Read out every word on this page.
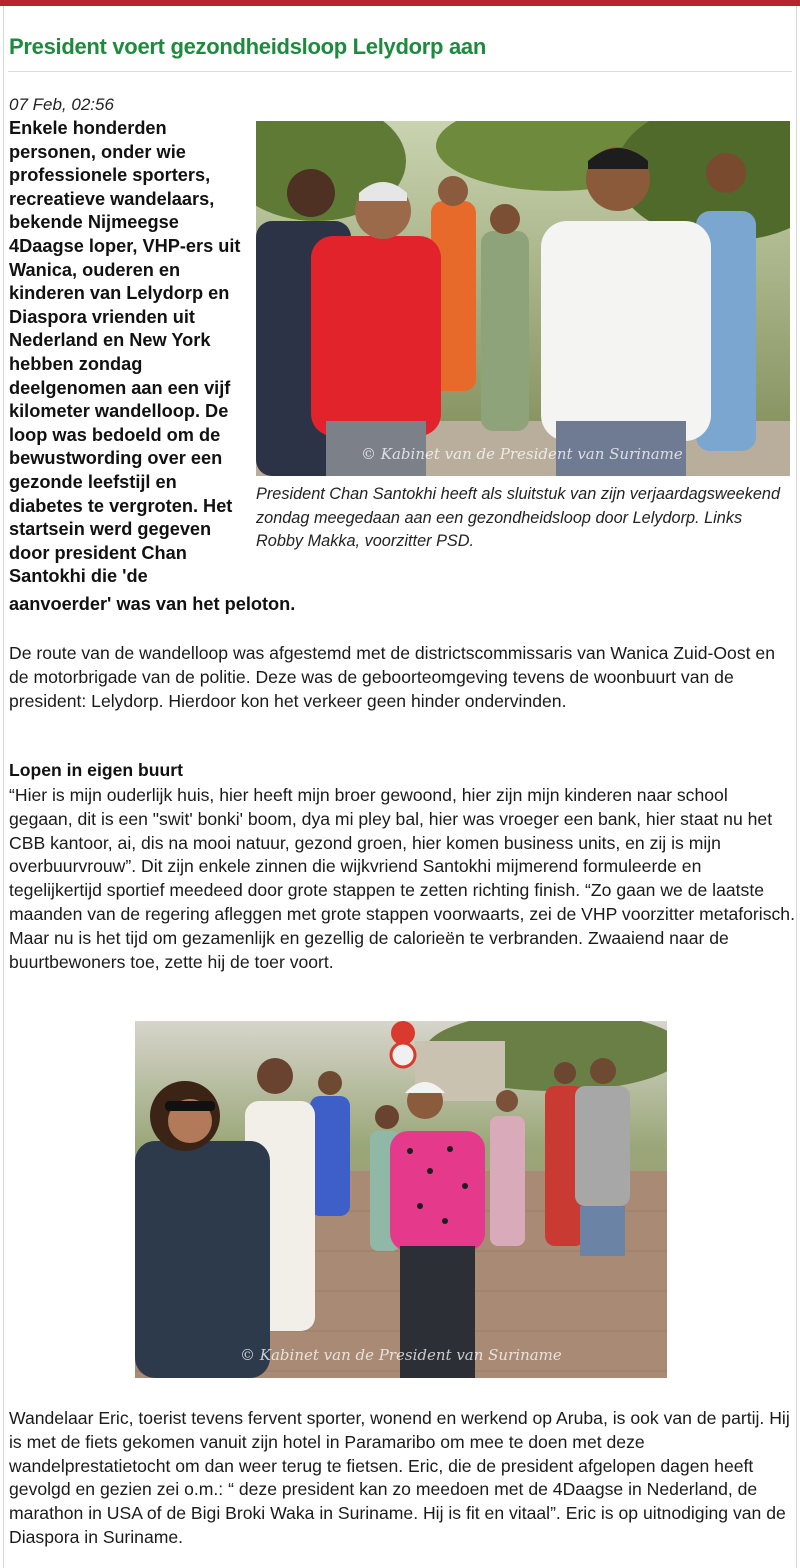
President voert gezondheidsloop Lelydorp aan
07 Feb, 02:56

Enkele honderden personen, onder wie professionele sporters, recreatieve wandelaars, bekende Nijmeegse 4Daagse loper, VHP-ers uit Wanica, ouderen en kinderen van Lelydorp en Diaspora vrienden uit Nederland en New York hebben zondag deelgenomen aan een vijf kilometer wandelloop. De loop was bedoeld om de bewustwording over een gezonde leefstijl en diabetes te vergroten. Het startsein werd gegeven door president Chan Santokhi die 'de

aanvoerder' was van het peloton.

© Kabinet van de President van Suriname

President Chan Santokhi heeft als sluitstuk van zijn verjaardagsweekend zondag meegedaan aan een gezondheidsloop door Lelydorp. Links Robby Makka, voorzitter PSD.

De route van de wandelloop was afgestemd met de districtscommissaris van Wanica Zuid-Oost en de motorbrigade van de politie. Deze was de geboorteomgeving tevens de woonbuurt van de president: Lelydorp. Hierdoor kon het verkeer geen hinder ondervinden.

Lopen in eigen buurt

“Hier is mijn ouderlijk huis, hier heeft mijn broer gewoond, hier zijn mijn kinderen naar school gegaan, dit is een "swit' bonki' boom, dya mi pley bal, hier was vroeger een bank, hier staat nu het CBB kantoor, ai, dis na mooi natuur, gezond groen, hier komen business units, en zij is mijn overbuurvrouw”. Dit zijn enkele zinnen die wijkvriend Santokhi mijmerend formuleerde en tegelijkertijd sportief meedeed door grote stappen te zetten richting finish. “Zo gaan we de laatste maanden van de regering afleggen met grote stappen voorwaarts, zei de VHP voorzitter metaforisch. Maar nu is het tijd om gezamenlijk en gezellig de calorieën te verbranden. Zwaaiend naar de buurtbewoners toe, zette hij de toer voort.

© Kabinet van de President van Suriname

Wandelaar Eric, toerist tevens fervent sporter, wonend en werkend op Aruba, is ook van de partij. Hij is met de fiets gekomen vanuit zijn hotel in Paramaribo om mee te doen met deze wandelprestatietocht om dan weer terug te fietsen. Eric, die de president afgelopen dagen heeft gevolgd en gezien zei o.m.: “ deze president kan zo meedoen met de 4Daagse in Nederland, de marathon in USA of de Bigi Broki Waka in Suriname. Hij is fit en vitaal”. Eric is op uitnodiging van de Diaspora in Suriname.
